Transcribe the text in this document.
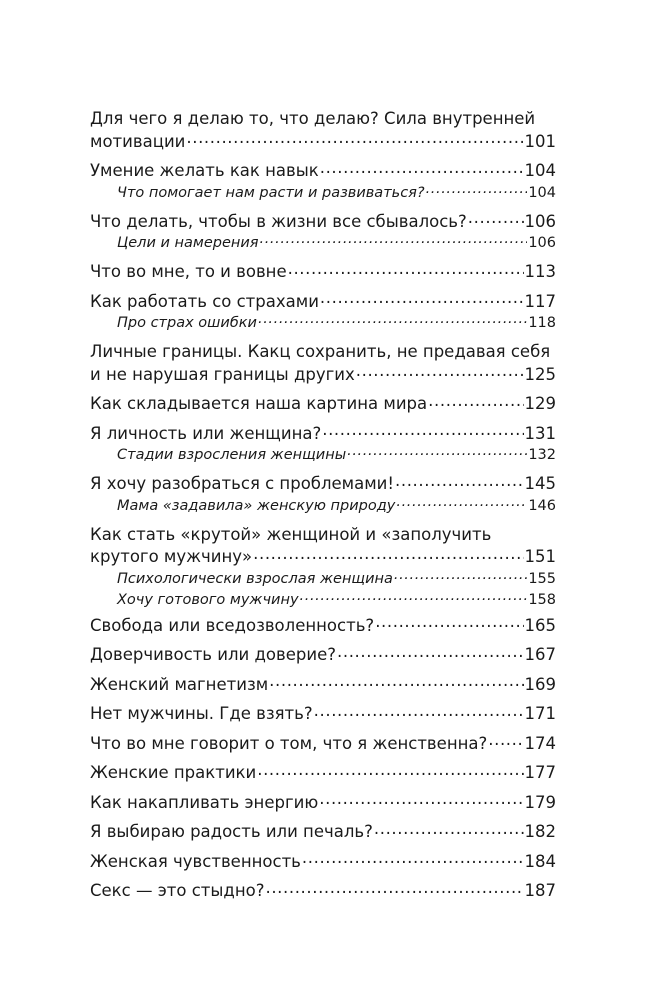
Для чего я делаю то, что делаю? Сила внутренней
мотивации .....	101
Умение желать как навык .....	104
Что помогает нам расти и развиваться? .....	104
Что делать, чтобы в жизни все сбывалось? .....	106
Цели и намерения .....	106
Что во мне, то и вовне .....	113
Как работать со страхами .....	117
Про страх ошибки .....	118
Личные границы. Какц сохранить, не предавая себя
и не нарушая границы других .....	125
Как складывается наша картина мира .....	129
Я личность или женщина? .....	131
Стадии взросления женщины .....	132
Я хочу разобраться с проблемами! .....	145
Мама «задавила» женскую природу .....	146
Как стать «крутой» женщиной и «заполучить
крутого мужчину» .....	151
Психологически взрослая женщина .....	155
Хочу готового мужчину .....	158
Свобода или вседозволенность? .....	165
Доверчивость или доверие? .....	167
Женский магнетизм .....	169
Нет мужчины. Где взять? .....	171
Что во мне говорит о том, что я женственна? ..... 174
Женские практики .....	177
Как накапливать энергию .....	179
Я выбираю радость или печаль? .....	182
Женская чувственность .....	184
Секс — это стыдно? .....	187
